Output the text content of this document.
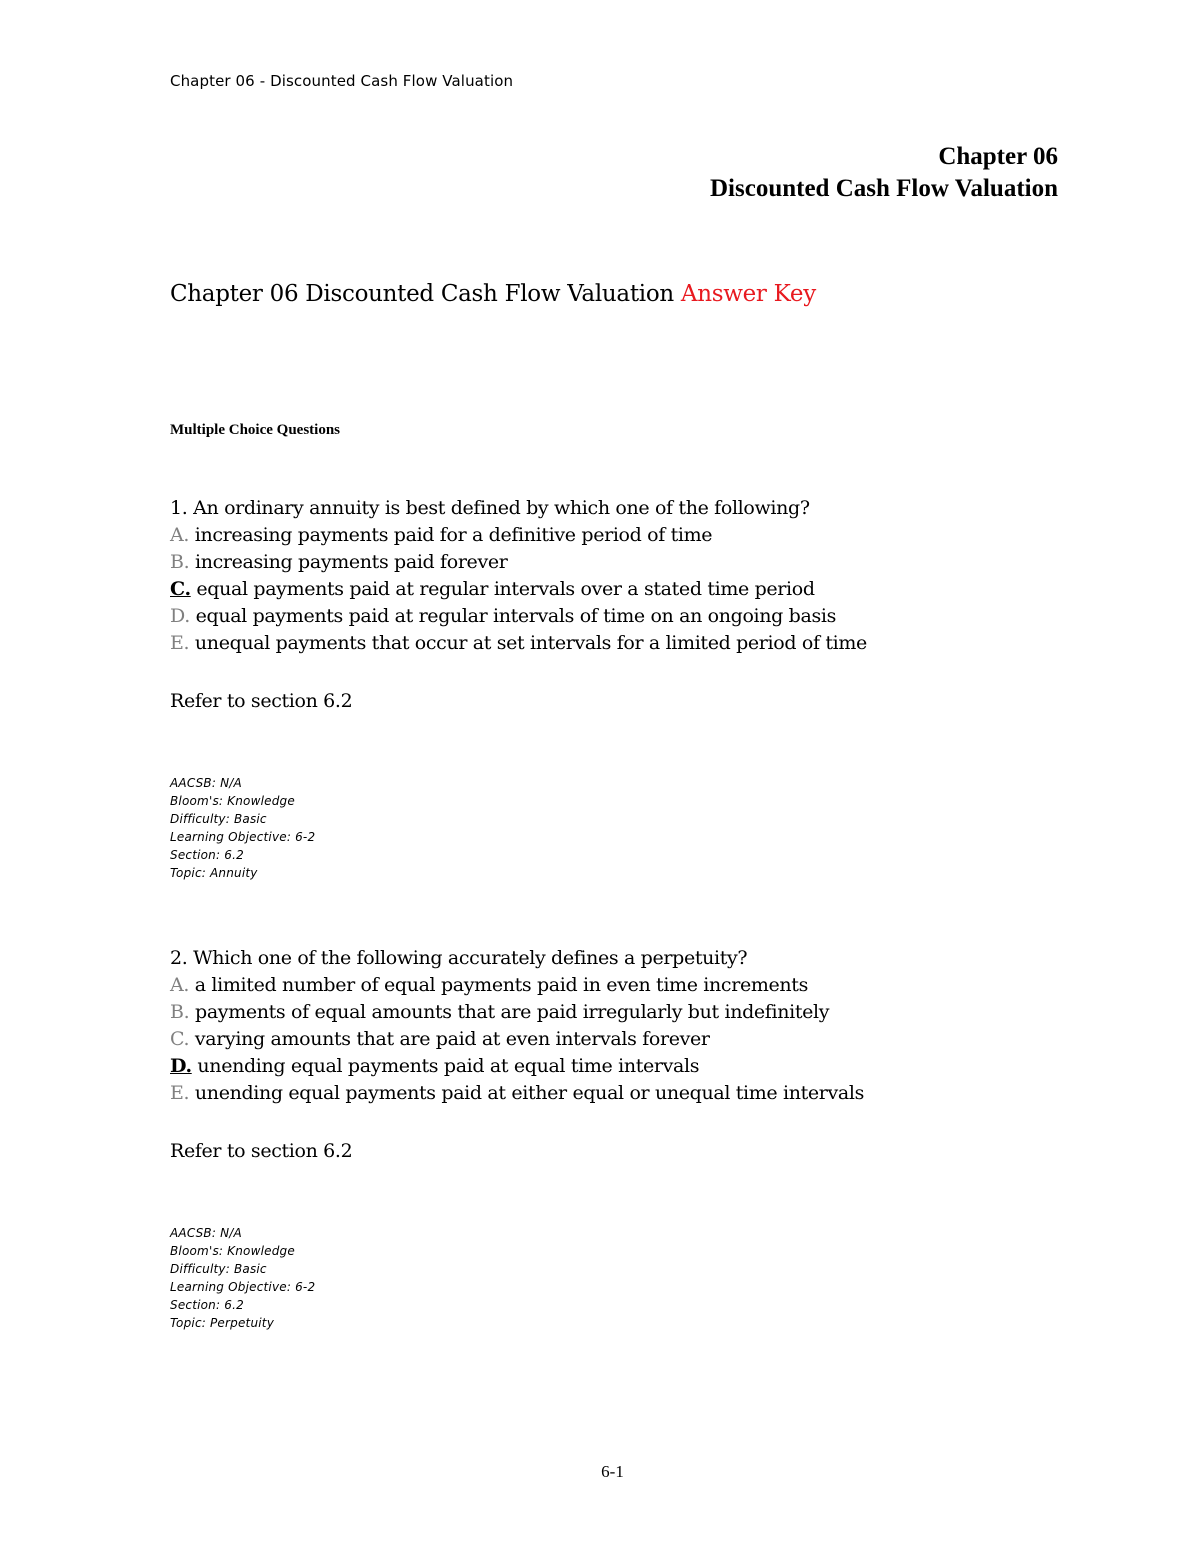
Chapter 06 - Discounted Cash Flow Valuation
Chapter 06
Discounted Cash Flow Valuation
Chapter 06 Discounted Cash Flow Valuation Answer Key
Multiple Choice Questions
1. An ordinary annuity is best defined by which one of the following?
A. increasing payments paid for a definitive period of time
B. increasing payments paid forever
C. equal payments paid at regular intervals over a stated time period
D. equal payments paid at regular intervals of time on an ongoing basis
E. unequal payments that occur at set intervals for a limited period of time
Refer to section 6.2
AACSB: N/A
Bloom's: Knowledge
Difficulty: Basic
Learning Objective: 6-2
Section: 6.2
Topic: Annuity
2. Which one of the following accurately defines a perpetuity?
A. a limited number of equal payments paid in even time increments
B. payments of equal amounts that are paid irregularly but indefinitely
C. varying amounts that are paid at even intervals forever
D. unending equal payments paid at equal time intervals
E. unending equal payments paid at either equal or unequal time intervals
Refer to section 6.2
AACSB: N/A
Bloom's: Knowledge
Difficulty: Basic
Learning Objective: 6-2
Section: 6.2
Topic: Perpetuity
6-1
